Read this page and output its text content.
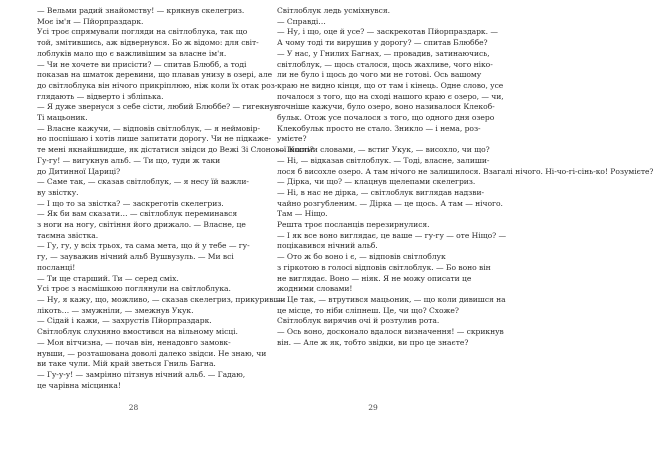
— Вельми радий знайомству! — крякнув скелегриз.
Моє ім'я — Пйорпраздарк.
Усі троє спрямували погляди на світлоблука, так що
той, змітившись, аж відвернувся. Бо ж відомо: для світ-
лоблуків мало що є важливішим за власне ім'я.
— Чи не хочете ви присісти? — спитав Блюбб, а тоді
показав на шматок деревини, що плавав унизу в озері, але
до світлоблука він нічого прикріплюю, ніж коли їх отак роз-
глядають — відверто і збліпька.
— Я дуже звернуся з себе сісти, любий Блюббе? — гигекнув
Ті мацьоник.
— Власне кажучи, — відповів світлоблук, — я неймовір-
но поспішаю і хотів лише запитати дорогу. Чи не підкаже-
те мені якнайшвидше, як дістатися звідси до Вежі Зі Слонової Кості?
Гу-гу! — вигукнув альб. — Ти що, туди ж таки
до Дитинної Цариці?
— Саме так, — сказав світлоблук, — я несу їй важли-
ву звістку.
— І що то за звістка? — заскреготів скелегриз.
— Як би вам сказати… — світлоблук переминався
з ноги на ногу, світіння його дрижало. — Власне, це
таємна звістка.
— Гу, гу, у всіх трьох, та сама мета, що й у тебе — гу-
гу, — зауважив нічний альб Вушвузуль. — Ми всі
посланці!
— Ти ще старший. Ти — серед сміх.
Усі троє з насмішкою поглянули на світлоблука.
— Ну, я кажу, що, можливо, — сказав скелегриз, прикуривши
лікоть… — змужніли, — змежнув Укук.
— Сідай і кажи, — захрустів Пйорпраздарк.
Світлоблук слухняно вмостився на вільному місці.
— Моя вітчизна, — почав він, ненадовго замовк-
нувши, — розташована доволі далеко звідси. Не знаю, чи
ви таке чули. Мій край зветься Гниль Багна.
— Гу-у-у! — замріяно пітзнув нічний альб. — Гадаю,
це чарівна місцинка!
28
Світлоблук ледь усміхнувся.
— Справді…
— Ну, і що, оце й усе? — заскрекотав Пйорпраздарк. —
А чому тоді ти вирушив у дорогу? — спитав Блюббе?
— У нас, у Гнилих Багнах, — провадив, затинаючись,
світлоблук, — щось сталося, щось жахливе, чого ніко-
ли не було і щось до чого ми не готові. Ось вашому
краю не видно кінця, що от там і кінець. Одне слово, усе
почалося з того, що на сході нашого краю є озеро, — чи,
точніше кажучи, було озеро, воно називалося Клекоб-
бульк. Отож усе почалося з того, що одного дня озеро
Клекобульк просто не стало. Зникло — і нема, роз-
умієте?
— Іншими словами, — встиг Укук, — висохло, чи що?
— Ні, — відказав світлоблук. — Тоді, власне, залиши-
лося б висохле озеро. А там нічого не залишилося. Взагалі нічого. Ні-чо-гі-сінь-ко! Розумієте?
— Дірка, чи що? — клацнув щелепами скелегриз.
— Ні, в нас не дірка, — світлоблук виглядав надзви-
чайно розгубленим. — Дірка — це щось. А там — нічого.
Там — Ніщо.
Решта троє посланців перезирнулися.
— І як все воно виглядає, це ваше — гу-гу — оте Ніщо? —
поцікавився нічний альб.
— Ото ж бо воно і є, — відповів світлоблук
з гіркотою в голосі відповів світлоблук. — Бо воно він
не виглядає. Воно — ніяк. Я не можу описати це
жодними словами!
— Це так, — втрутився мацьоник, — що коли дивишся на
це місце, то ніби сліпнеш. Це, чи що? Схоже?
Світлоблук вирячив очі й розтулив рота.
— Ось воно, досконало вдалося визначення! — скрикнув
він. — Але ж як, тобто звідки, ви про це знаєте?
29
